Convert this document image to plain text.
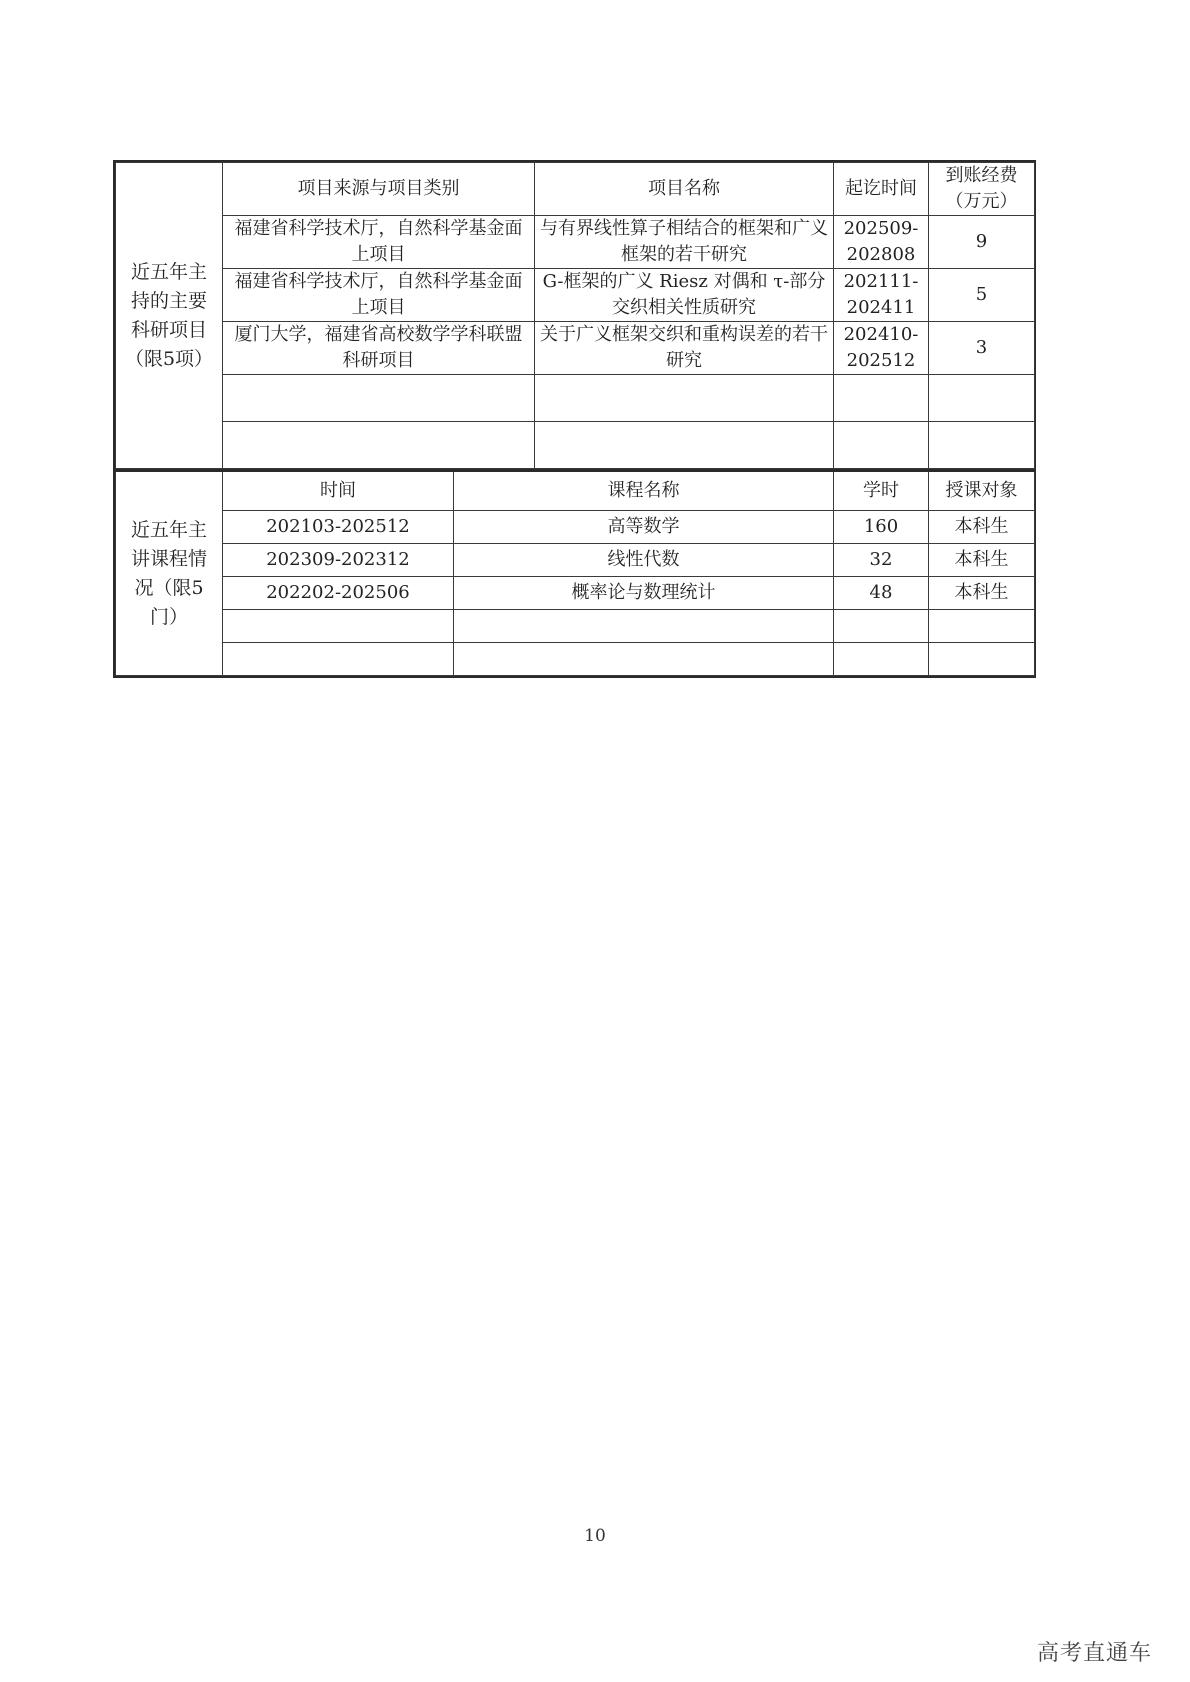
近五年主持的主要科研项目（限5项）	项目来源与项目类别	项目名称	起讫时间	到账经费（万元）
	福建省科学技术厅，自然科学基金面上项目	与有界线性算子相结合的框架和广义框架的若干研究	202509-202808	9
	福建省科学技术厅，自然科学基金面上项目	G-框架的广义 Riesz 对偶和 τ-部分交织相关性质研究	202111-202411	5
	厦门大学，福建省高校数学学科联盟科研项目	关于广义框架交织和重构误差的若干研究	202410-202512	3

近五年主讲课程情况（限5门）	时间	课程名称	学时	授课对象
	202103-202512	高等数学	160	本科生
	202309-202312	线性代数	32	本科生
	202202-202506	概率论与数理统计	48	本科生

10
高考直通车
